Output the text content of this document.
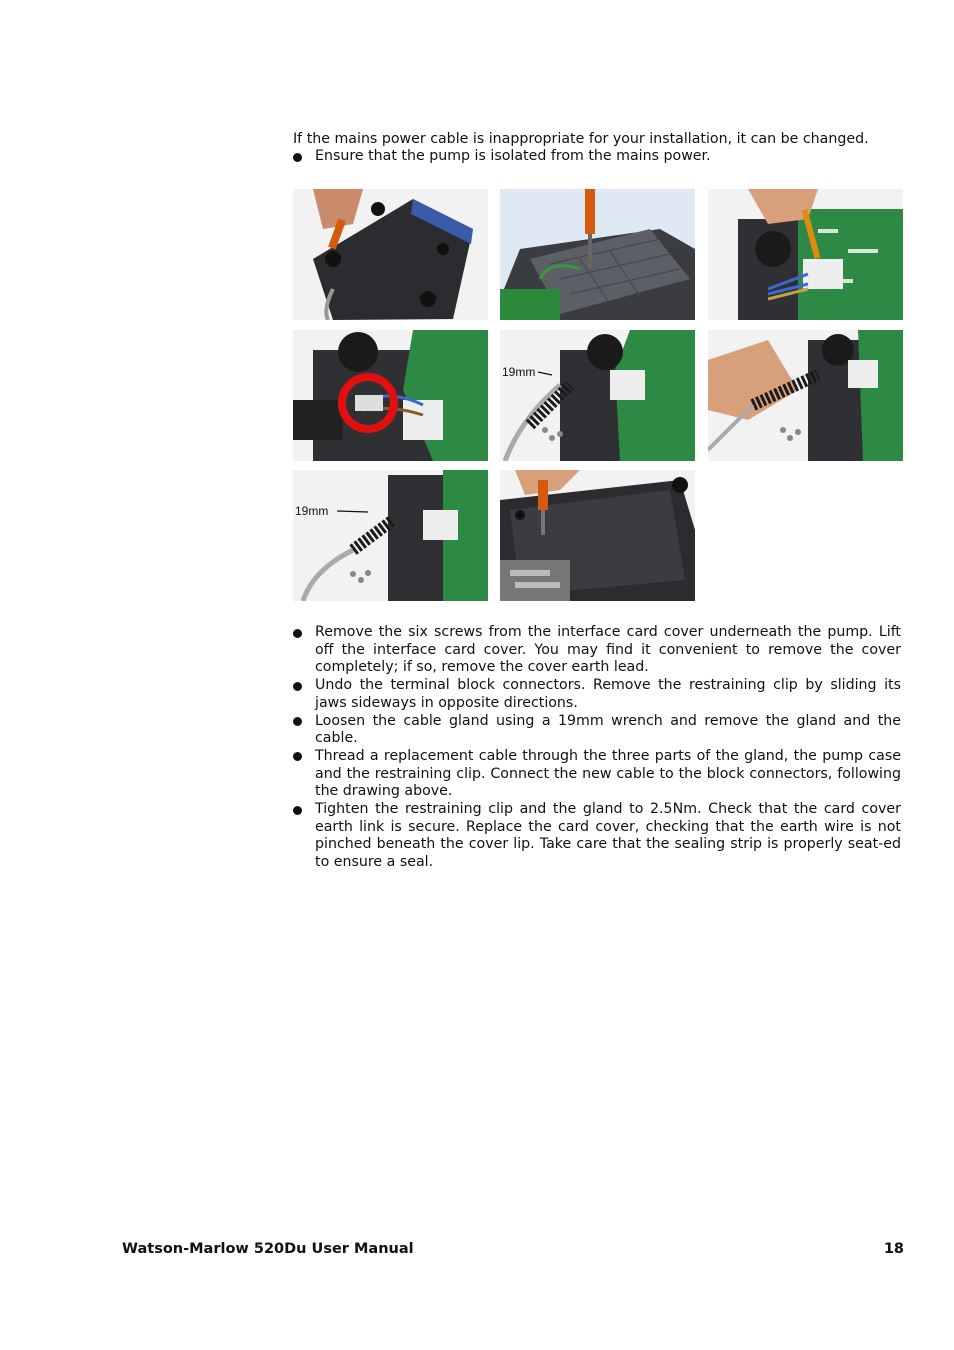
If the mains power cable is inappropriate for your installation, it can be changed.

Ensure that the pump is isolated from the mains power.
19mm
19mm
Remove the six screws from the interface card cover underneath the pump. Lift off the interface card cover. You may find it convenient to remove the cover completely; if so, remove the cover earth lead.
Undo the terminal block connectors. Remove the restraining clip by sliding its jaws sideways in opposite directions.
Loosen the cable gland using a 19mm wrench and remove the gland and the cable.
Thread a replacement cable through the three parts of the gland, the pump case and the restraining clip. Connect the new cable to the block connectors, following the drawing above.
Tighten the restraining clip and the gland to 2.5Nm. Check that the card cover earth link is secure. Replace the card cover, checking that the earth wire is not pinched beneath the cover lip. Take care that the sealing strip is properly seat-ed to ensure a seal.
Watson-Marlow 520Du User Manual	18
